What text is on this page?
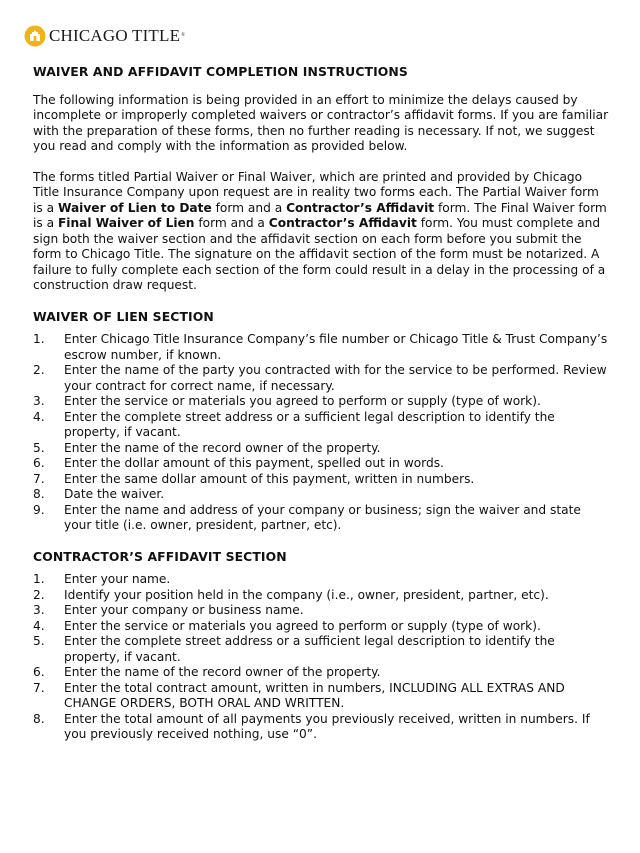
CHICAGO TITLE®
WAIVER AND AFFIDAVIT COMPLETION INSTRUCTIONS

The following information is being provided in an effort to minimize the delays caused by incomplete or improperly completed waivers or contractor’s affidavit forms. If you are familiar with the preparation of these forms, then no further reading is necessary. If not, we suggest you read and comply with the information as provided below.

The forms titled Partial Waiver or Final Waiver, which are printed and provided by Chicago Title Insurance Company upon request are in reality two forms each. The Partial Waiver form is a Waiver of Lien to Date form and a Contractor’s Affidavit form. The Final Waiver form is a Final Waiver of Lien form and a Contractor’s Affidavit form. You must complete and sign both the waiver section and the affidavit section on each form before you submit the form to Chicago Title. The signature on the affidavit section of the form must be notarized. A failure to fully complete each section of the form could result in a delay in the processing of a construction draw request.

WAIVER OF LIEN SECTION
1.	Enter Chicago Title Insurance Company’s file number or Chicago Title & Trust Company’s escrow number, if known.
2.	Enter the name of the party you contracted with for the service to be performed. Review your contract for correct name, if necessary.
3.	Enter the service or materials you agreed to perform or supply (type of work).
4.	Enter the complete street address or a sufficient legal description to identify the property, if vacant.
5.	Enter the name of the record owner of the property.
6.	Enter the dollar amount of this payment, spelled out in words.
7.	Enter the same dollar amount of this payment, written in numbers.
8.	Date the waiver.
9.	Enter the name and address of your company or business; sign the waiver and state your title (i.e. owner, president, partner, etc).
CONTRACTOR’S AFFIDAVIT SECTION
1.	Enter your name.
2.	Identify your position held in the company (i.e., owner, president, partner, etc).
3.	Enter your company or business name.
4.	Enter the service or materials you agreed to perform or supply (type of work).
5.	Enter the complete street address or a sufficient legal description to identify the property, if vacant.
6.	Enter the name of the record owner of the property.
7.	Enter the total contract amount, written in numbers, INCLUDING ALL EXTRAS AND CHANGE ORDERS, BOTH ORAL AND WRITTEN.
8.	Enter the total amount of all payments you previously received, written in numbers. If you previously received nothing, use “0”.
